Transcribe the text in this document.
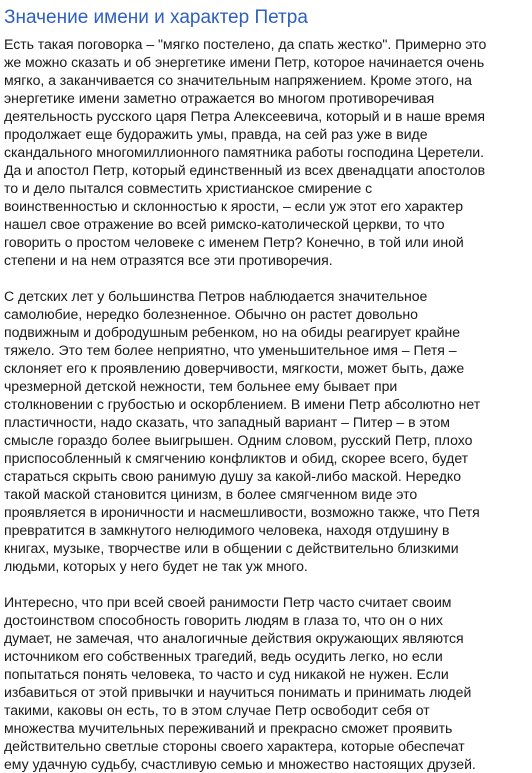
Значение имени и характер Петра

Есть такая поговорка – "мягко постелено, да спать жестко". Примерно это
же можно сказать и об энергетике имени Петр, которое начинается очень
мягко, а заканчивается со значительным напряжением. Кроме этого, на
энергетике имени заметно отражается во многом противоречивая
деятельность русского царя Петра Алексеевича, который и в наше время
продолжает еще будоражить умы, правда, на сей раз уже в виде
скандального многомиллионного памятника работы господина Церетели.
Да и апостол Петр, который единственный из всех двенадцати апостолов
то и дело пытался совместить христианское смирение с
воинственностью и склонностью к ярости, – если уж этот его характер
нашел свое отражение во всей римско-католической церкви, то что
говорить о простом человеке с именем Петр? Конечно, в той или иной
степени и на нем отразятся все эти противоречия.

С детских лет у большинства Петров наблюдается значительное
самолюбие, нередко болезненное. Обычно он растет довольно
подвижным и добродушным ребенком, но на обиды реагирует крайне
тяжело. Это тем более неприятно, что уменьшительное имя – Петя –
склоняет его к проявлению доверчивости, мягкости, может быть, даже
чрезмерной детской нежности, тем больнее ему бывает при
столкновении с грубостью и оскорблением. В имени Петр абсолютно нет
пластичности, надо сказать, что западный вариант – Питер – в этом
смысле гораздо более выигрышен. Одним словом, русский Петр, плохо
приспособленный к смягчению конфликтов и обид, скорее всего, будет
стараться скрыть свою ранимую душу за какой-либо маской. Нередко
такой маской становится цинизм, в более смягченном виде это
проявляется в ироничности и насмешливости, возможно также, что Петя
превратится в замкнутого нелюдимого человека, находя отдушину в
книгах, музыке, творчестве или в общении с действительно близкими
людьми, которых у него будет не так уж много.

Интересно, что при всей своей ранимости Петр часто считает своим
достоинством способность говорить людям в глаза то, что он о них
думает, не замечая, что аналогичные действия окружающих являются
источником его собственных трагедий, ведь осудить легко, но если
попытаться понять человека, то часто и суд никакой не нужен. Если
избавиться от этой привычки и научиться понимать и принимать людей
такими, каковы он есть, то в этом случае Петр освободит себя от
множества мучительных переживаний и прекрасно сможет проявить
действительно светлые стороны своего характера, которые обеспечат
ему удачную судьбу, счастливую семью и множество настоящих друзей.
